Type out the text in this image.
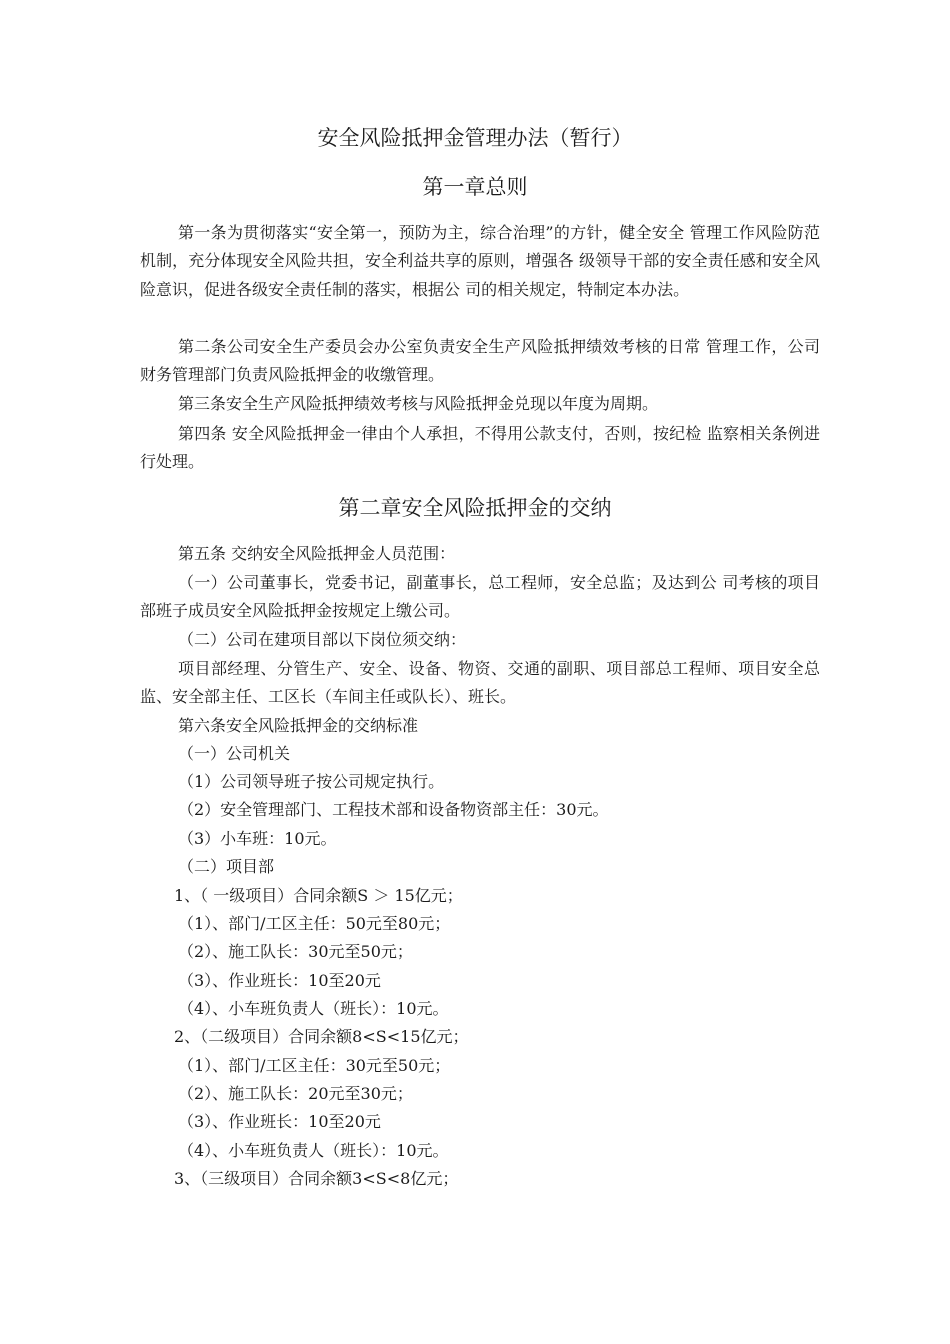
安全风险抵押金管理办法（暂行）
第一章总则

第一条为贯彻落实“安全第一，预防为主，综合治理”的方针，健全安全 管理工作风险防范机制，充分体现安全风险共担，安全利益共享的原则，增强各 级领导干部的安全责任感和安全风险意识，促进各级安全责任制的落实，根据公 司的相关规定，特制定本办法。

第二条公司安全生产委员会办公室负责安全生产风险抵押绩效考核的日常 管理工作，公司财务管理部门负责风险抵押金的收缴管理。

第三条安全生产风险抵押绩效考核与风险抵押金兑现以年度为周期。

第四条 安全风险抵押金一律由个人承担，不得用公款支付，否则，按纪检 监察相关条例进行处理。

第二章安全风险抵押金的交纳

第五条 交纳安全风险抵押金人员范围：

（一）公司董事长，党委书记，副董事长，总工程师，安全总监；及达到公 司考核的项目部班子成员安全风险抵押金按规定上缴公司。

（二）公司在建项目部以下岗位须交纳：

项目部经理、分管生产、安全、设备、物资、交通的副职、项目部总工程师、项目安全总监、安全部主任、工区长（车间主任或队长）、班长。

第六条安全风险抵押金的交纳标准

（一）公司机关

（1）公司领导班子按公司规定执行。

（2）安全管理部门、工程技术部和设备物资部主任：30元。

（3）小车班：10元。

（二）项目部

1、（ 一级项目）合同余额S ＞ 15亿元；

（1）、部门/工区主任：50元至80元；

（2）、施工队长：30元至50元；

（3）、作业班长：10至20元

（4）、小车班负责人（班长）：10元。

2、（二级项目）合同余额8<S<15亿元；

（1）、部门/工区主任：30元至50元；

（2）、施工队长：20元至30元；

（3）、作业班长：10至20元

（4）、小车班负责人（班长）：10元。

3、（三级项目）合同余额3<S<8亿元；
